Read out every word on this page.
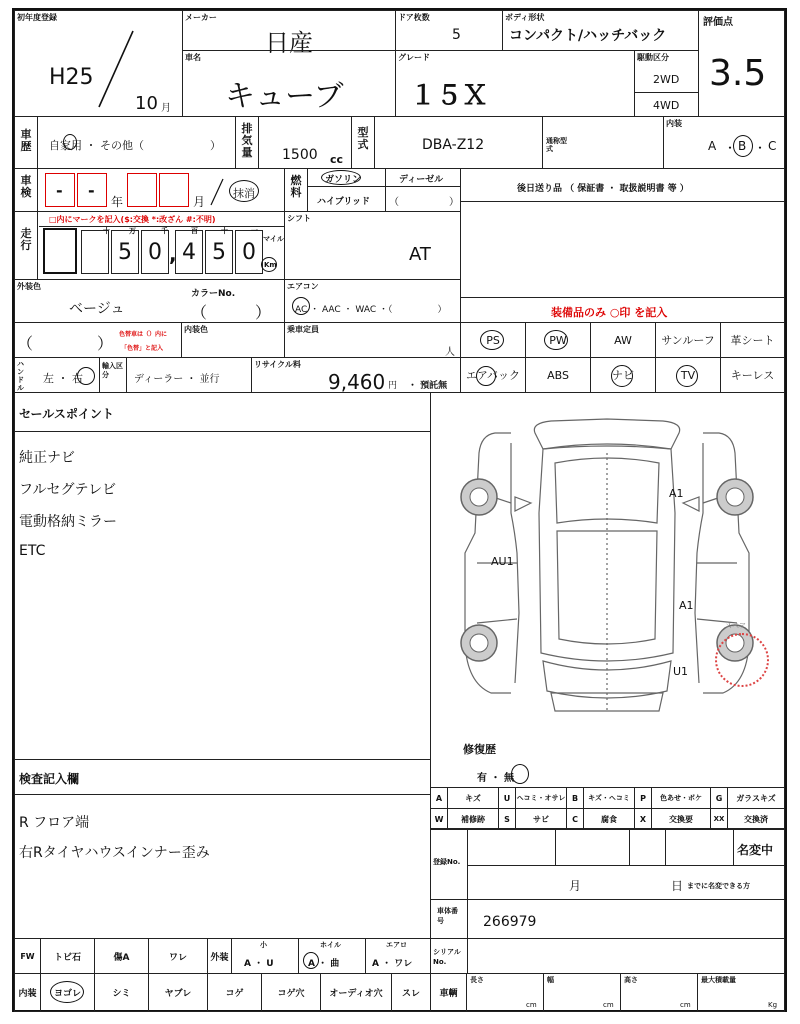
初年度登録
H25
10 月
メーカー
日産
ドア枚数
5
ボディ形状
コンパクト/ハッチバック
評価点
3.5
車名
キューブ
グレード
１５Ｘ
駆動区分
2WD
4WD
車歴 自家用 ・ その他（　　　　　　）
排気量 1500 cc
型式	DBA-Z12	通称型式
内装
A ・ B ・ C
車検 - -
年	月
抹消
燃料
ガソリン	ディーゼル
ハイブリッド （　　　　　）
後日送り品 （ 保証書 ・ 取扱説明書 等 ）
走行
□内にマークを記入($:交換 *:改ざん #:不明)
十	万	千	百	十	一
5 0 , 4 5 0
マイル
Km
シフト
AT
外装色
ベージュ
カラーNo.
（　　　）
エアコン
AC ・ AAC ・ WAC ・（　　　　　）	装備品のみ ○印 を記入
（　　　　） 色替車は（）内に
「色替」と記入
内装色	乗車定員
人
PS	PW	AW	サンルーフ 革シート
エアバック ABS	ナビ	TV	キーレス
ハンドル
左 ・ 右
輸入区分	ディーラー ・ 並行
リサイクル料
9,460 円 ・ 預託無
セールスポイント
純正ナビ
フルセグテレビ
電動格納ミラー
ETC
スペア
A1
AU1
A1
U1
修復歴
有 ・ 無
A	キズ	U ヘコミ・オサレ B キズ・ヘコミ P 色あせ・ボケ G ガラスキズ
W 補修跡 S	サビ	C	腐食	X	交換要	XX 交換済
検査記入欄
R フロア端
右Rタイヤハウスインナー歪み
登録No.
名変中
月	日 までに名変できる方
車体番号	266979
FW トビ石	傷A	ワレ	外装
小
A ・ U
ホイル
A ・ 曲
エアロ
A ・ ワレ
シリアルNo.
内装 ヨゴレ	シミ	ヤブレ	コゲ	コゲ穴	オーディオ穴 スレ 車輌
長さ
cm
幅
cm
高さ
cm
最大積載量
Kg
